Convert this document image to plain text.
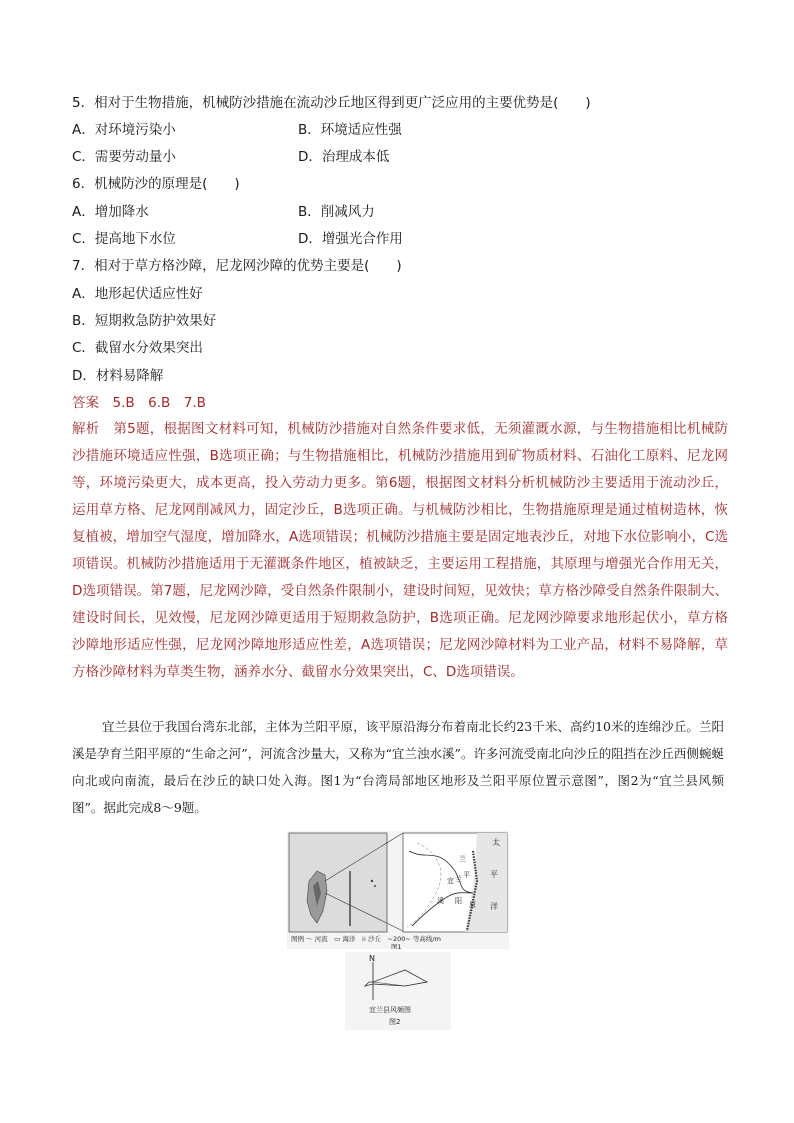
5．相对于生物措施，机械防沙措施在流动沙丘地区得到更广泛应用的主要优势是(　　)
A．对环境污染小	B．环境适应性强
C．需要劳动量小	D．治理成本低
6．机械防沙的原理是(　　)
A．增加降水	B．削减风力
C．提高地下水位	D．增强光合作用
7．相对于草方格沙障，尼龙网沙障的优势主要是(　　)
A．地形起伏适应性好
B．短期救急防护效果好
C．截留水分效果突出
D．材料易降解
答案　5.B　6.B　7.B
解析　第5题，根据图文材料可知，机械防沙措施对自然条件要求低，无须灌溉水源，与生物措施相比机械防沙措施环境适应性强，B选项正确；与生物措施相比，机械防沙措施用到矿物质材料、石油化工原料、尼龙网等，环境污染更大，成本更高，投入劳动力更多。第6题，根据图文材料分析机械防沙主要适用于流动沙丘，运用草方格、尼龙网削减风力，固定沙丘，B选项正确。与机械防沙相比，生物措施原理是通过植树造林，恢复植被，增加空气湿度，增加降水，A选项错误；机械防沙措施主要是固定地表沙丘，对地下水位影响小，C选项错误。机械防沙措施适用于无灌溉条件地区，植被缺乏，主要运用工程措施，其原理与增强光合作用无关，D选项错误。第7题，尼龙网沙障，受自然条件限制小，建设时间短，见效快；草方格沙障受自然条件限制大、建设时间长，见效慢，尼龙网沙障更适用于短期救急防护，B选项正确。尼龙网沙障要求地形起伏小，草方格沙障地形适应性强，尼龙网沙障地形适应性差，A选项错误；尼龙网沙障材料为工业产品，材料不易降解，草方格沙障材料为草类生物，涵养水分、截留水分效果突出，C、D选项错误。
宜兰县位于我国台湾东北部，主体为兰阳平原，该平原沿海分布着南北长约23千米、高约10米的连绵沙丘。兰阳溪是孕育兰阳平原的“生命之河”，河流含沙量大，又称为“宜兰浊水溪”。许多河流受南北向沙丘的阻挡在沙丘西侧蜿蜒向北或向南流，最后在沙丘的缺口处入海。图1为“台湾局部地区地形及兰阳平原位置示意图”，图2为“宜兰县风频图”。据此完成8～9题。
兰
宜 兰 平
阳 原
溪
太
平
洋
图例 ～ 河流　▭ 海洋　⁞⁞ 沙丘　~200~ 等高线/m
图1
N
宜兰县风频图
图2
